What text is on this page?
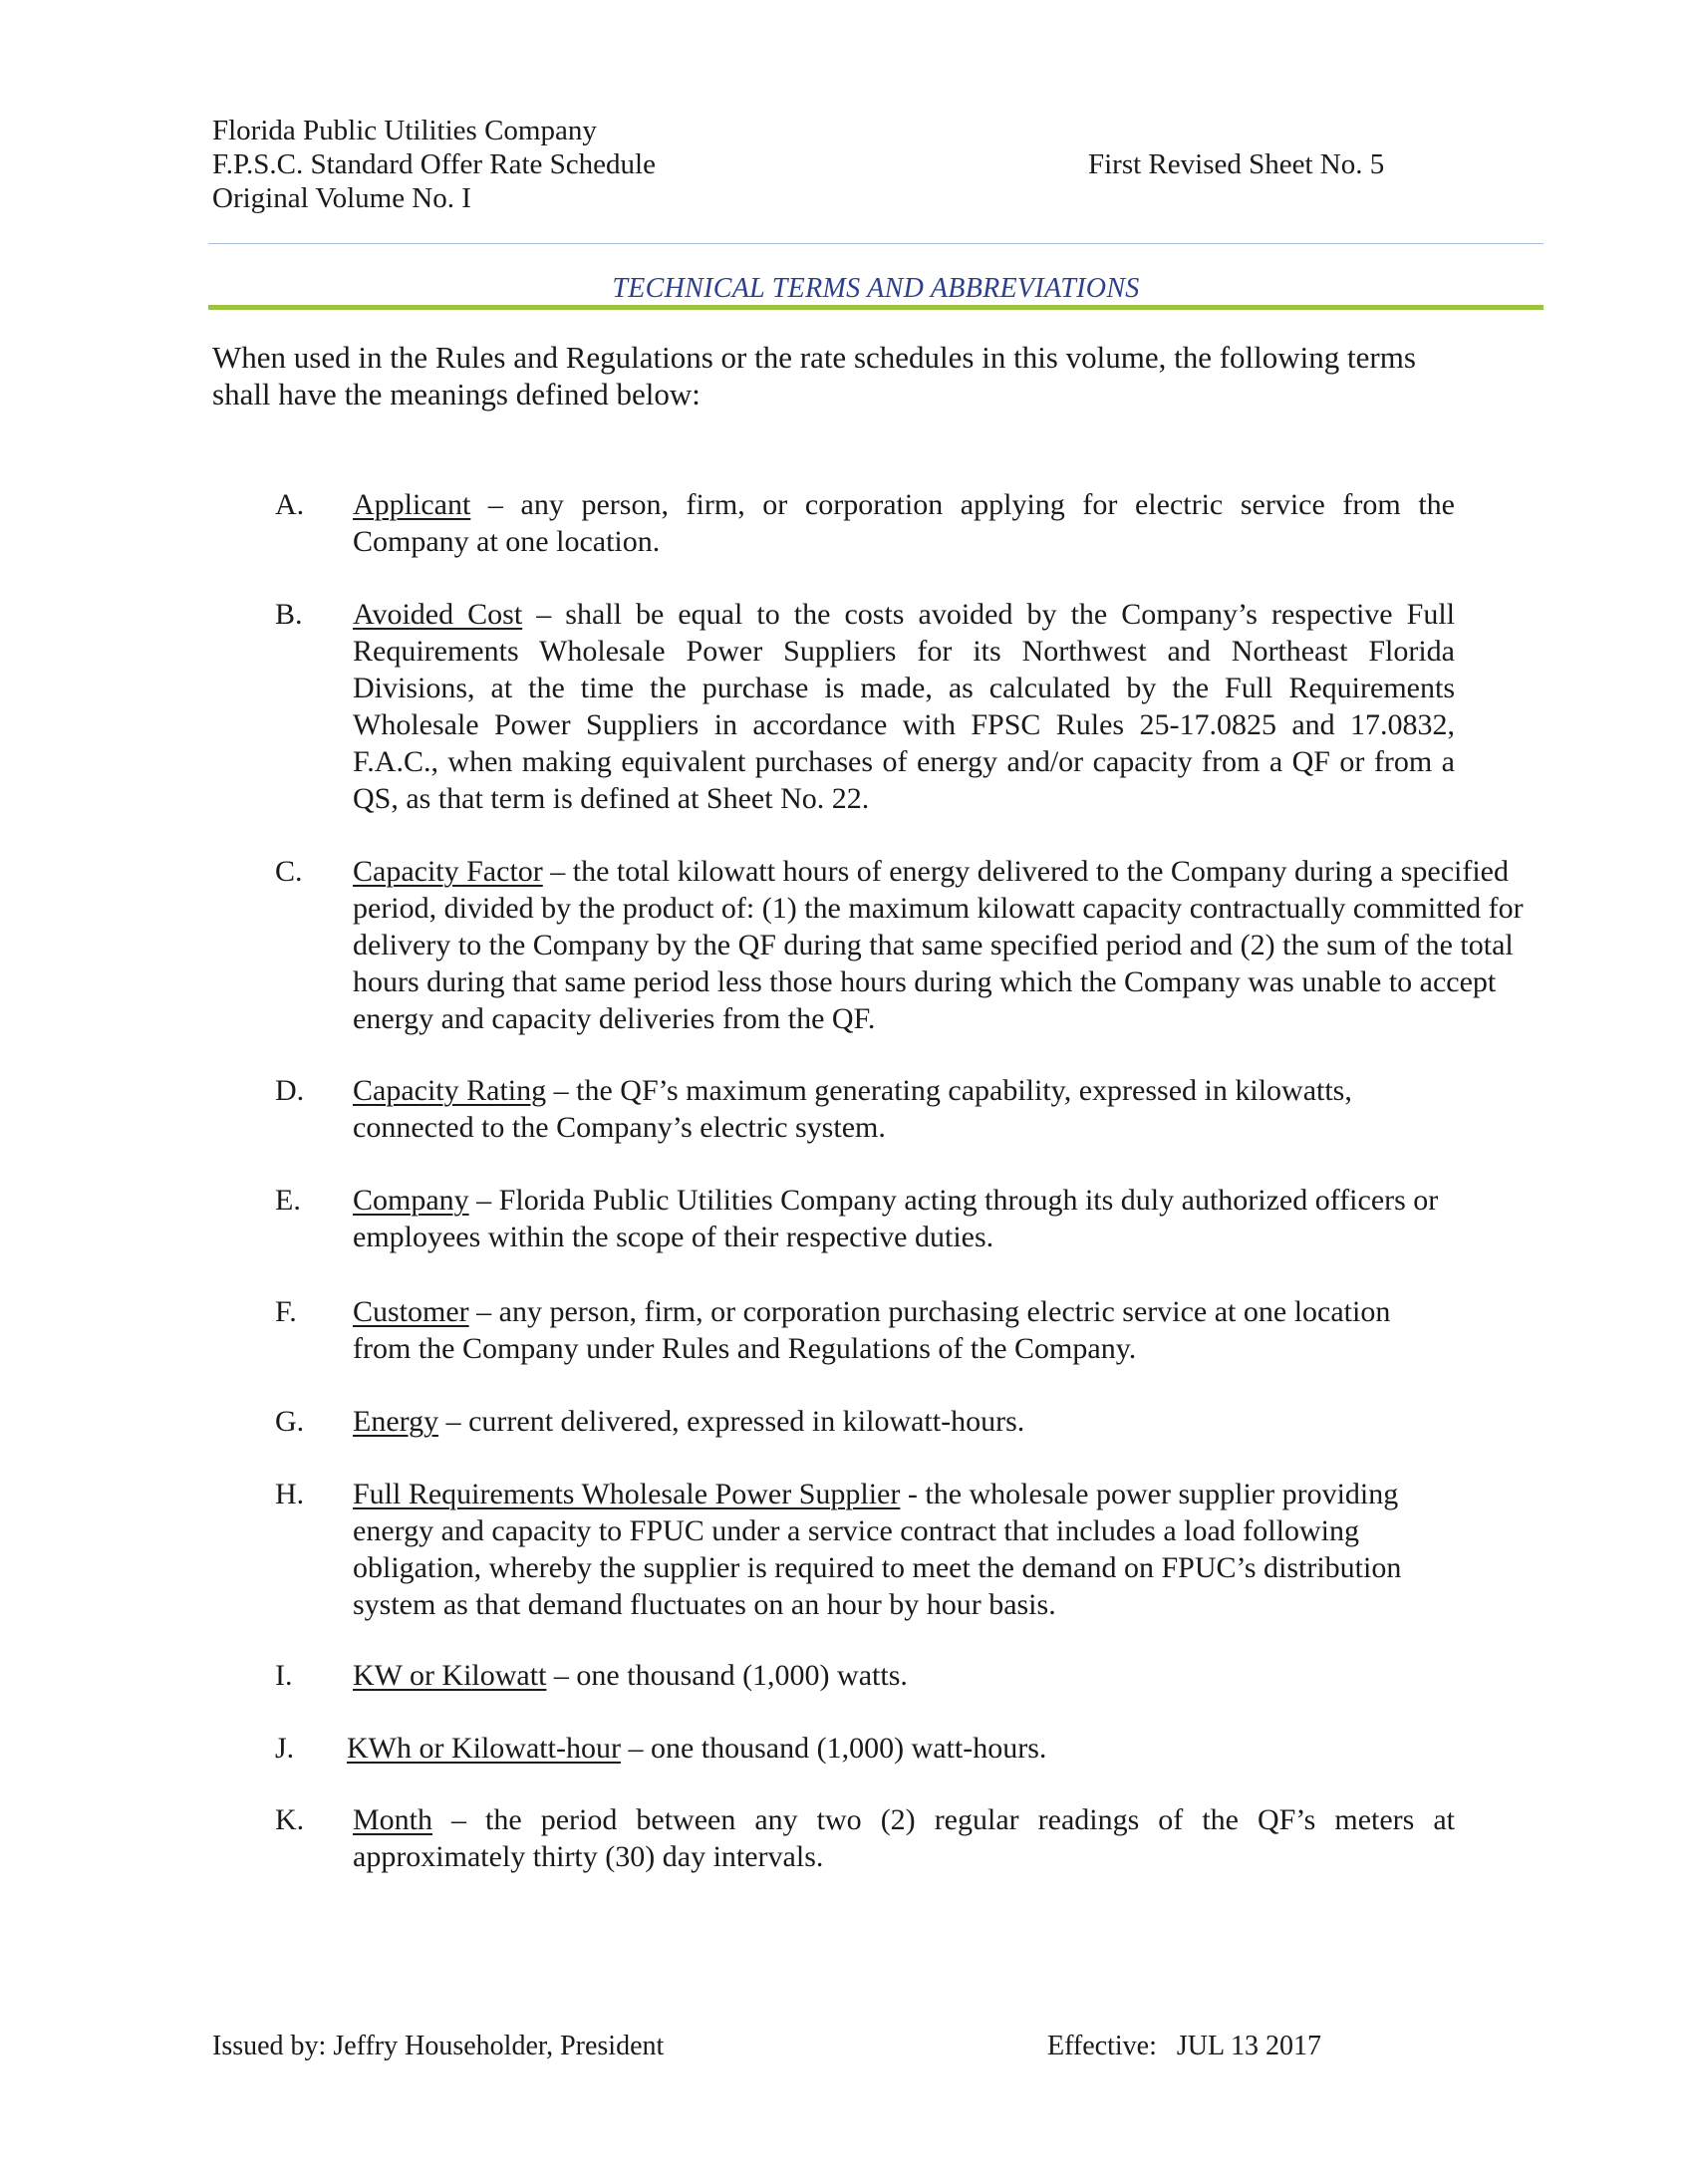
Florida Public Utilities Company
F.P.S.C. Standard Offer Rate Schedule
Original Volume No. I
First Revised Sheet No. 5
TECHNICAL TERMS AND ABBREVIATIONS
When used in the Rules and Regulations or the rate schedules in this volume, the following terms shall have the meanings defined below:
A. Applicant – any person, firm, or corporation applying for electric service from the Company at one location.
B. Avoided Cost – shall be equal to the costs avoided by the Company’s respective Full Requirements Wholesale Power Suppliers for its Northwest and Northeast Florida Divisions, at the time the purchase is made, as calculated by the Full Requirements Wholesale Power Suppliers in accordance with FPSC Rules 25-17.0825 and 17.0832, F.A.C., when making equivalent purchases of energy and/or capacity from a QF or from a QS, as that term is defined at Sheet No. 22.
C. Capacity Factor – the total kilowatt hours of energy delivered to the Company during a specified period, divided by the product of: (1) the maximum kilowatt capacity contractually committed for delivery to the Company by the QF during that same specified period and (2) the sum of the total hours during that same period less those hours during which the Company was unable to accept energy and capacity deliveries from the QF.
D. Capacity Rating – the QF’s maximum generating capability, expressed in kilowatts, connected to the Company’s electric system.
E. Company – Florida Public Utilities Company acting through its duly authorized officers or employees within the scope of their respective duties.
F. Customer – any person, firm, or corporation purchasing electric service at one location from the Company under Rules and Regulations of the Company.
G. Energy – current delivered, expressed in kilowatt-hours.
H. Full Requirements Wholesale Power Supplier - the wholesale power supplier providing energy and capacity to FPUC under a service contract that includes a load following obligation, whereby the supplier is required to meet the demand on FPUC’s distribution system as that demand fluctuates on an hour by hour basis.
I. KW or Kilowatt – one thousand (1,000) watts.
J. KWh or Kilowatt-hour – one thousand (1,000) watt-hours.
K. Month – the period between any two (2) regular readings of the QF’s meters at approximately thirty (30) day intervals.
Issued by: Jeffry Householder, President	Effective: JUL 13 2017
